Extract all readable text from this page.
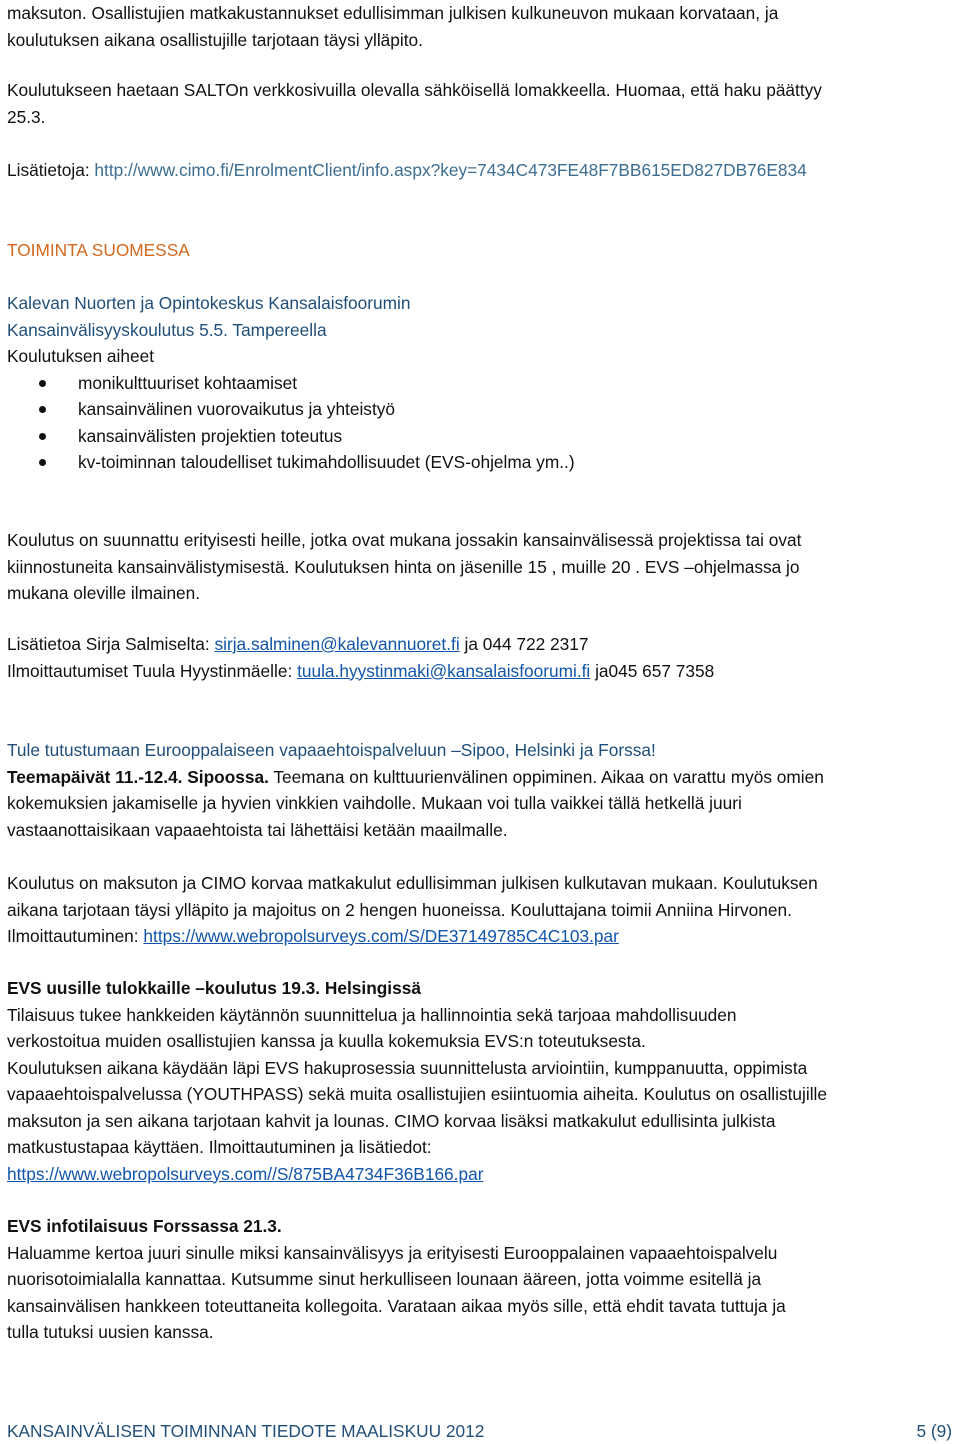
maksuton. Osallistujien matkakustannukset edullisimman julkisen kulkuneuvon mukaan korvataan, ja
koulutuksen aikana osallistujille tarjotaan täysi ylläpito.
Koulutukseen haetaan SALTOn verkkosivuilla olevalla sähköisellä lomakkeella. Huomaa, että haku päättyy
25.3.
Lisätietoja: http://www.cimo.fi/EnrolmentClient/info.aspx?key=7434C473FE48F7BB615ED827DB76E834
TOIMINTA SUOMESSA
Kalevan Nuorten ja Opintokeskus Kansalaisfoorumin
Kansainvälisyyskoulutus 5.5. Tampereella
Koulutuksen aiheet
monikulttuuriset kohtaamiset
kansainvälinen vuorovaikutus ja yhteistyö
kansainvälisten projektien toteutus
kv-toiminnan taloudelliset tukimahdollisuudet (EVS-ohjelma ym..)
Koulutus on suunnattu erityisesti heille, jotka ovat mukana jossakin kansainvälisessä projektissa tai ovat
kiinnostuneita kansainvälistymisestä. Koulutuksen hinta on jäsenille 15 , muille 20 . EVS –ohjelmassa jo
mukana oleville ilmainen.
Lisätietoa Sirja Salmiselta: sirja.salminen@kalevannuoret.fi ja 044 722 2317
Ilmoittautumiset Tuula Hyystinmäelle: tuula.hyystinmaki@kansalaisfoorumi.fi ja045 657 7358
Tule tutustumaan Eurooppalaiseen vapaaehtoispalveluun –Sipoo, Helsinki ja Forssa!
Teemapäivät 11.-12.4. Sipoossa. Teemana on kulttuurienvälinen oppiminen. Aikaa on varattu myös omien
kokemuksien jakamiselle ja hyvien vinkkien vaihdolle. Mukaan voi tulla vaikkei tällä hetkellä juuri
vastaanottaisikaan vapaaehtoista tai lähettäisi ketään maailmalle.
Koulutus on maksuton ja CIMO korvaa matkakulut edullisimman julkisen kulkutavan mukaan. Koulutuksen
aikana tarjotaan täysi ylläpito ja majoitus on 2 hengen huoneissa. Kouluttajana toimii Anniina Hirvonen.
Ilmoittautuminen: https://www.webropolsurveys.com/S/DE37149785C4C103.par
EVS uusille tulokkaille –koulutus 19.3. Helsingissä
Tilaisuus tukee hankkeiden käytännön suunnittelua ja hallinnointia sekä tarjoaa mahdollisuuden
verkostoitua muiden osallistujien kanssa ja kuulla kokemuksia EVS:n toteutuksesta.
Koulutuksen aikana käydään läpi EVS hakuprosessia suunnittelusta arviointiin, kumppanuutta, oppimista
vapaaehtoispalvelussa (YOUTHPASS) sekä muita osallistujien esiintuomia aiheita. Koulutus on osallistujille
maksuton ja sen aikana tarjotaan kahvit ja lounas. CIMO korvaa lisäksi matkakulut edullisinta julkista
matkustustapaa käyttäen. Ilmoittautuminen ja lisätiedot:
https://www.webropolsurveys.com//S/875BA4734F36B166.par
EVS infotilaisuus Forssassa 21.3.
Haluamme kertoa juuri sinulle miksi kansainvälisyys ja erityisesti Eurooppalainen vapaaehtoispalvelu
nuorisotoimialalla kannattaa. Kutsumme sinut herkulliseen lounaan ääreen, jotta voimme esitellä ja
kansainvälisen hankkeen toteuttaneita kollegoita. Varataan aikaa myös sille, että ehdit tavata tuttuja ja
tulla tutuksi uusien kanssa.
KANSAINVÄLISEN TOIMINNAN TIEDOTE MAALISKUU 2012	5 (9)
